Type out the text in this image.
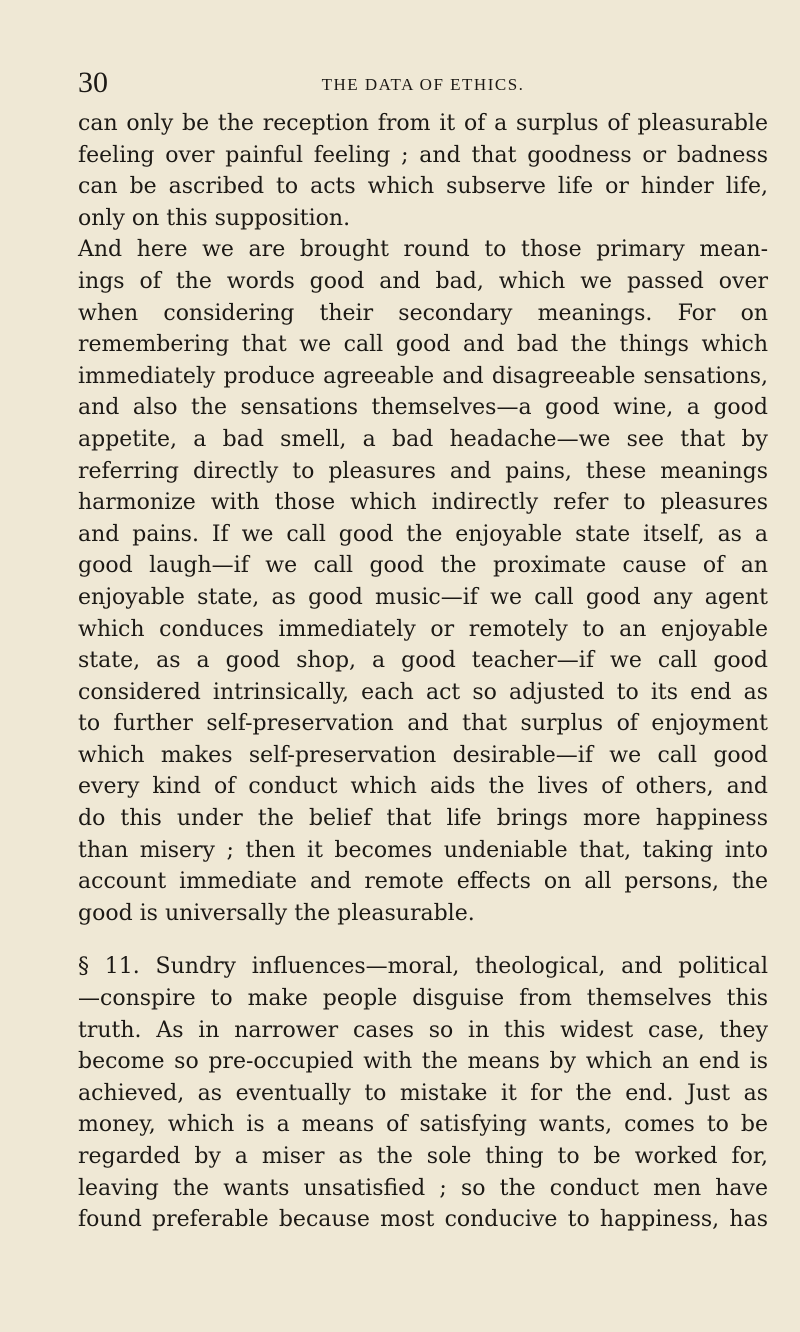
30	THE DATA OF ETHICS.
can only be the reception from it of a surplus of pleasurable
feeling over painful feeling ; and that goodness or badness
can be ascribed to acts which subserve life or hinder life,
only on this supposition.
And here we are brought round to those primary mean-
ings of the words good and bad, which we passed over
when considering their secondary meanings. For on
remembering that we call good and bad the things which
immediately produce agreeable and disagreeable sensations,
and also the sensations themselves—a good wine, a good
appetite, a bad smell, a bad headache—we see that by
referring directly to pleasures and pains, these meanings
harmonize with those which indirectly refer to pleasures
and pains. If we call good the enjoyable state itself, as a
good laugh—if we call good the proximate cause of an
enjoyable state, as good music—if we call good any agent
which conduces immediately or remotely to an enjoyable
state, as a good shop, a good teacher—if we call good
considered intrinsically, each act so adjusted to its end as
to further self-preservation and that surplus of enjoyment
which makes self-preservation desirable—if we call good
every kind of conduct which aids the lives of others, and
do this under the belief that life brings more happiness
than misery ; then it becomes undeniable that, taking into
account immediate and remote effects on all persons, the
good is universally the pleasurable.
§ 11. Sundry influences—moral, theological, and political
—conspire to make people disguise from themselves this
truth. As in narrower cases so in this widest case, they
become so pre-occupied with the means by which an end is
achieved, as eventually to mistake it for the end. Just as
money, which is a means of satisfying wants, comes to be
regarded by a miser as the sole thing to be worked for,
leaving the wants unsatisfied ; so the conduct men have
found preferable because most conducive to happiness, has
